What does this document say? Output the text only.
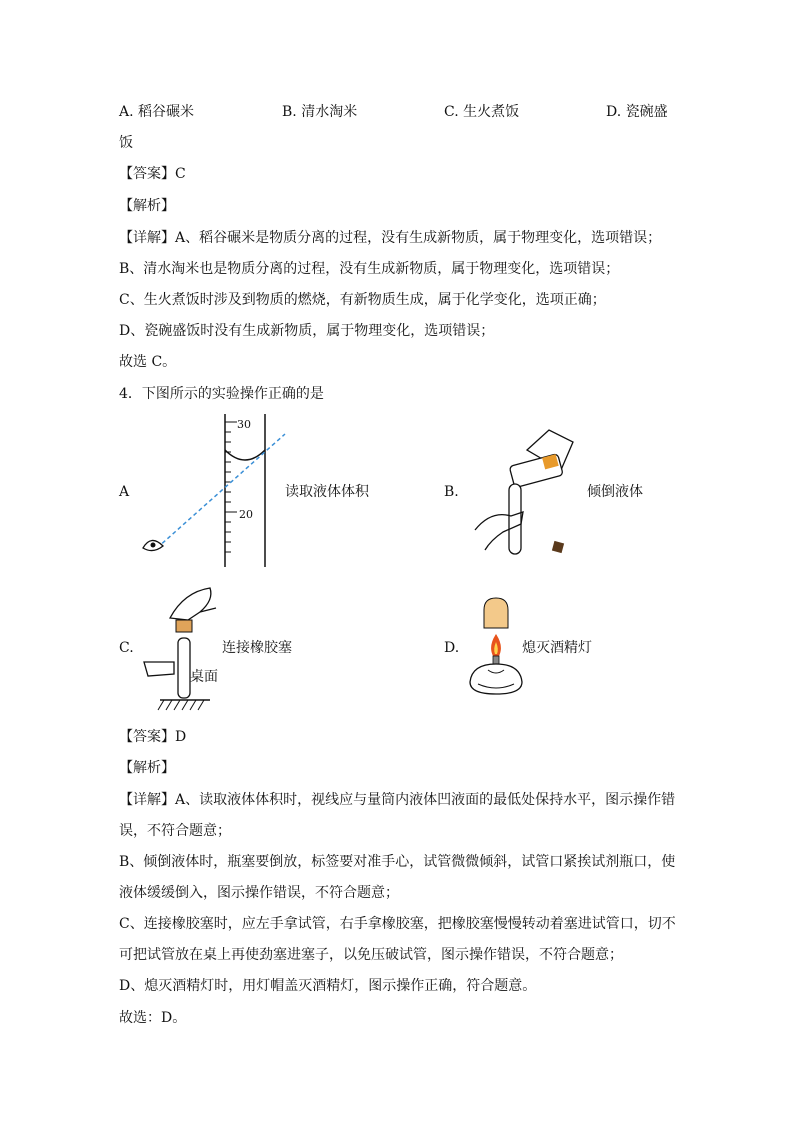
A. 稻谷碾米	B. 清水淘米	C. 生火煮饭	D. 瓷碗盛
饭
【答案】C
【解析】
【详解】A、稻谷碾米是物质分离的过程，没有生成新物质，属于物理变化，选项错误；
B、清水淘米也是物质分离的过程，没有生成新物质，属于物理变化，选项错误；
C、生火煮饭时涉及到物质的燃烧，有新物质生成，属于化学变化，选项正确；
D、瓷碗盛饭时没有生成新物质，属于物理变化，选项错误；
故选 C。
4．下图所示的实验操作正确的是
A
30
20
读取液体体积	B.	倾倒液体
C.
桌面
连接橡胶塞	D.	熄灭酒精灯
【答案】D
【解析】
【详解】A、读取液体体积时，视线应与量筒内液体凹液面的最低处保持水平，图示操作错
误，不符合题意；
B、倾倒液体时，瓶塞要倒放，标签要对准手心，试管微微倾斜，试管口紧挨试剂瓶口，使
液体缓缓倒入，图示操作错误，不符合题意；
C、连接橡胶塞时，应左手拿试管，右手拿橡胶塞，把橡胶塞慢慢转动着塞进试管口，切不
可把试管放在桌上再使劲塞进塞子，以免压破试管，图示操作错误，不符合题意；
D、熄灭酒精灯时，用灯帽盖灭酒精灯，图示操作正确，符合题意。
故选：D。
